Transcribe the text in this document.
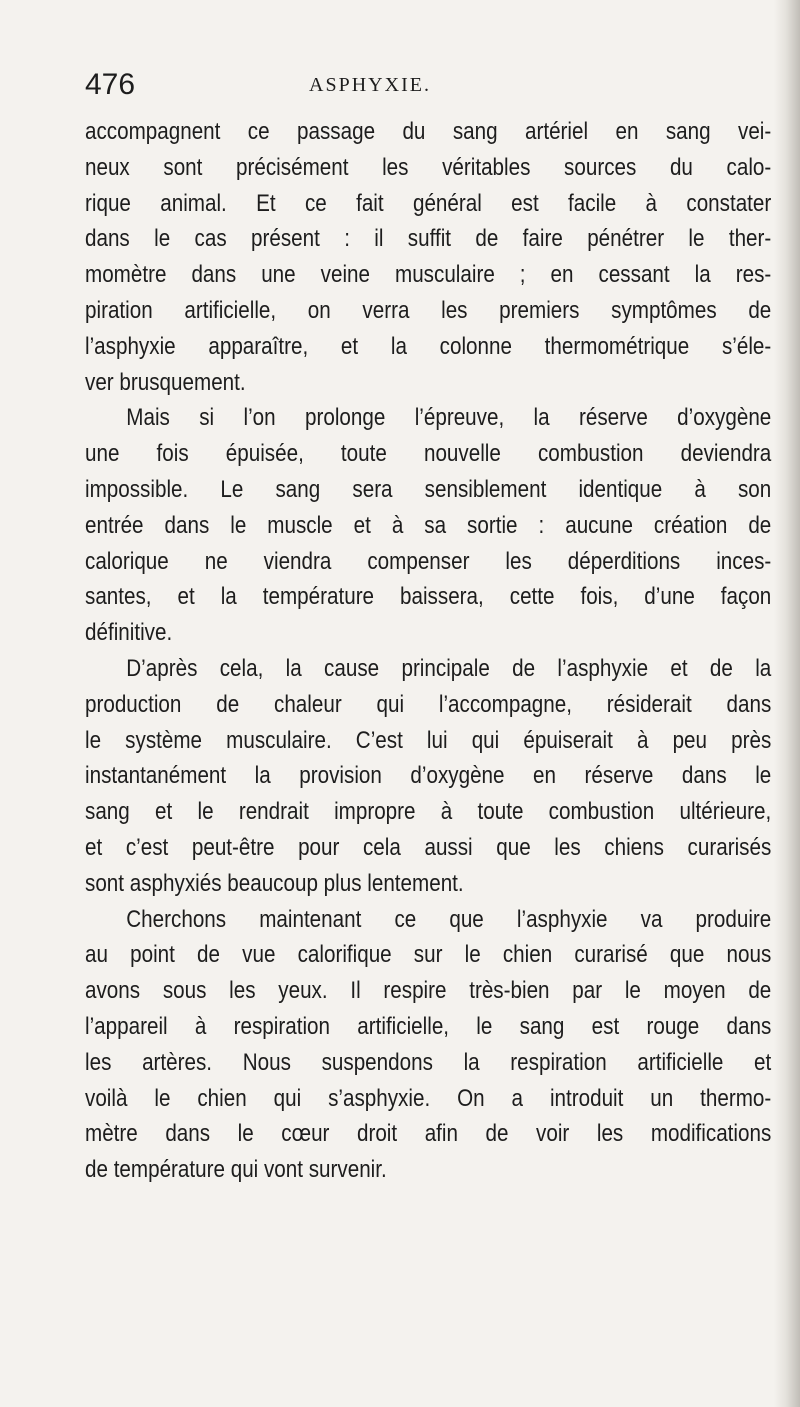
476	ASPHYXIE.
accompagnent ce passage du sang artériel en sang vei-
neux sont précisément les véritables sources du calo-
rique animal. Et ce fait général est facile à constater
dans le cas présent : il suffit de faire pénétrer le ther-
momètre dans une veine musculaire ; en cessant la res-
piration artificielle, on verra les premiers symptômes de
l’asphyxie apparaître, et la colonne thermométrique s’éle-
ver brusquement.
Mais si l’on prolonge l’épreuve, la réserve d’oxygène
une fois épuisée, toute nouvelle combustion deviendra
impossible. Le sang sera sensiblement identique à son
entrée dans le muscle et à sa sortie : aucune création de
calorique ne viendra compenser les déperditions inces-
santes, et la température baissera, cette fois, d’une façon
définitive.
D’après cela, la cause principale de l’asphyxie et de la
production de chaleur qui l’accompagne, résiderait dans
le système musculaire. C’est lui qui épuiserait à peu près
instantanément la provision d’oxygène en réserve dans le
sang et le rendrait impropre à toute combustion ultérieure,
et c’est peut-être pour cela aussi que les chiens curarisés
sont asphyxiés beaucoup plus lentement.
Cherchons maintenant ce que l’asphyxie va produire
au point de vue calorifique sur le chien curarisé que nous
avons sous les yeux. Il respire très-bien par le moyen de
l’appareil à respiration artificielle, le sang est rouge dans
les artères. Nous suspendons la respiration artificielle et
voilà le chien qui s’asphyxie. On a introduit un thermo-
mètre dans le cœur droit afin de voir les modifications
de température qui vont survenir.
